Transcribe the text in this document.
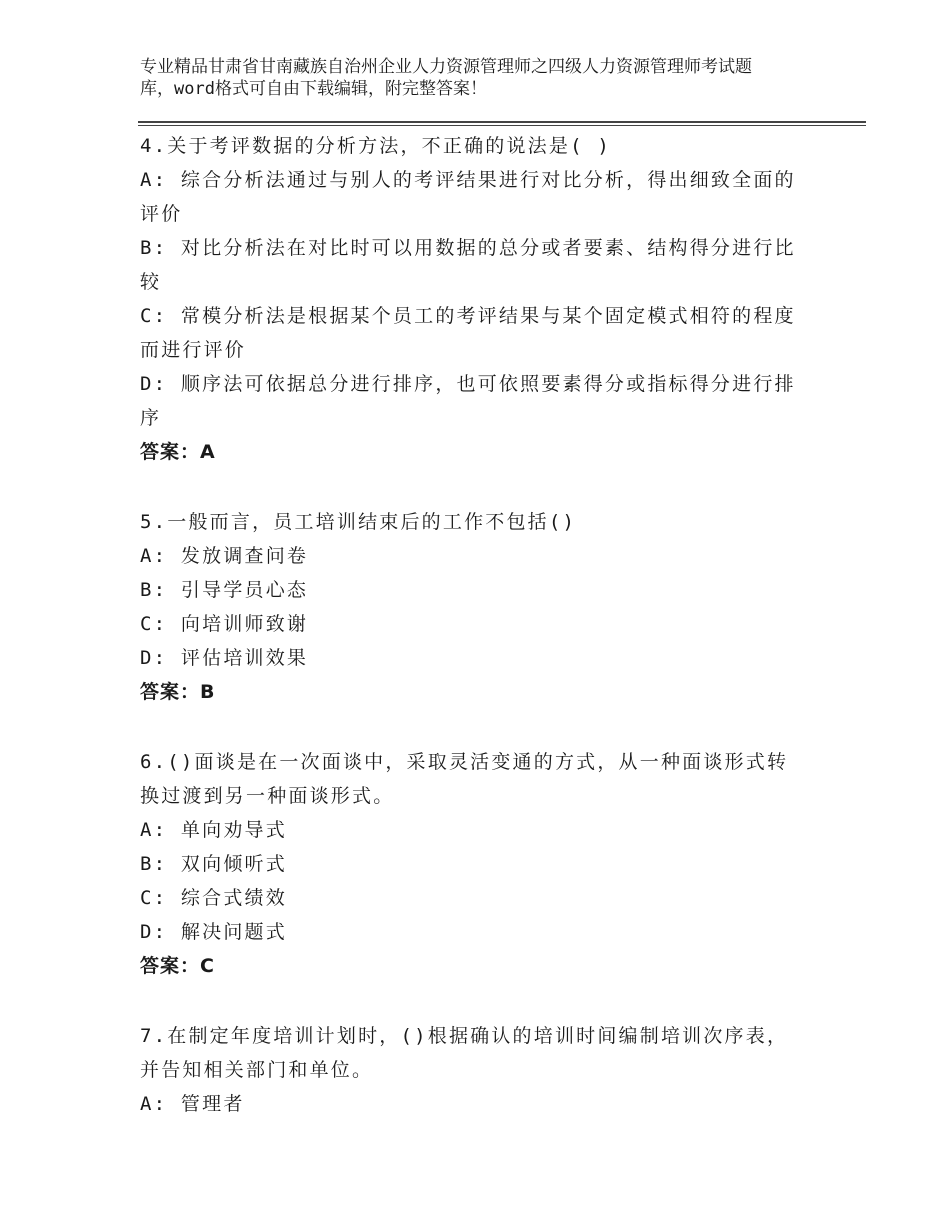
专业精品甘肃省甘南藏族自治州企业人力资源管理师之四级人力资源管理师考试题
库，word格式可自由下载编辑，附完整答案！
4.关于考评数据的分析方法，不正确的说法是( )
A: 综合分析法通过与别人的考评结果进行对比分析，得出细致全面的
评价
B: 对比分析法在对比时可以用数据的总分或者要素、结构得分进行比
较
C: 常模分析法是根据某个员工的考评结果与某个固定模式相符的程度
而进行评价
D: 顺序法可依据总分进行排序，也可依照要素得分或指标得分进行排
序
答案：A
5.一般而言，员工培训结束后的工作不包括()
A: 发放调查问卷
B: 引导学员心态
C: 向培训师致谢
D: 评估培训效果
答案：B
6.()面谈是在一次面谈中，采取灵活变通的方式，从一种面谈形式转
换过渡到另一种面谈形式。
A: 单向劝导式
B: 双向倾听式
C: 综合式绩效
D: 解决问题式
答案：C
7.在制定年度培训计划时，()根据确认的培训时间编制培训次序表，
并告知相关部门和单位。
A: 管理者
